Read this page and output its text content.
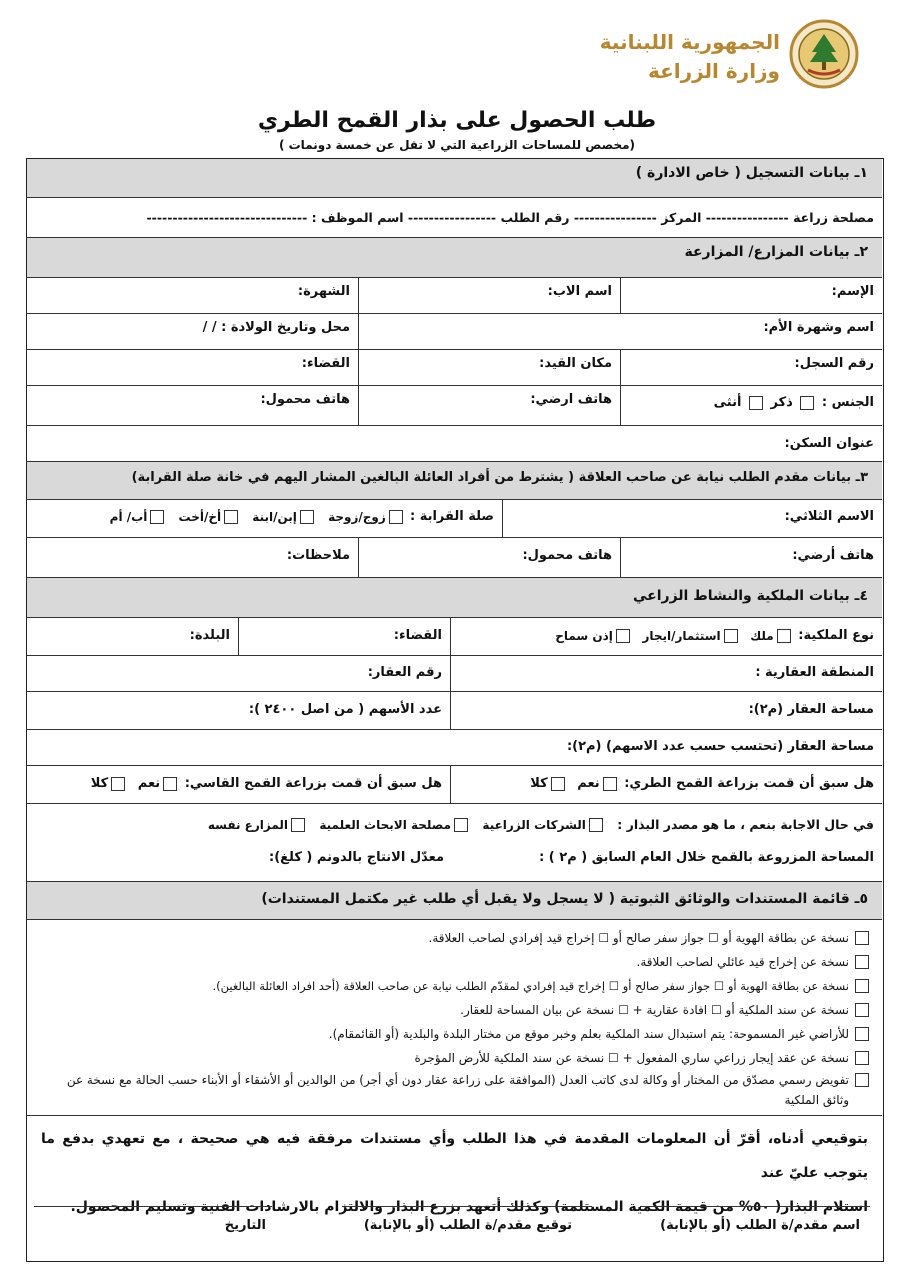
الجمهورية اللبنانية
وزارة الزراعة
طلب الحصول على بذار القمح الطري
( مخصص للمساحات الزراعية التي لا تقل عن خمسة دونمات)
١ـ بيانات التسجيل ( خاص الادارة )
مصلحة زراعة ---------------- المركز ---------------- رقم الطلب ----------------- اسم الموظف : -------------------------------
٢ـ بيانات المزارع/ المزارعة
الإسم:
اسم الاب:
الشهرة:
اسم وشهرة الأم:
محل وتاريخ الولادة : / /
رقم السجل:
مكان القيد:
القضاء:
الجنس :  ذكر  أنثى
هاتف ارضي:
هاتف محمول:
عنوان السكن:
٣ـ بيانات مقدم الطلب نيابة عن صاحب العلاقة ( يشترط من أفراد العائلة البالغين المشار اليهم في خانة صلة القرابة)
الاسم الثلاثي:
صلة القرابة : زوج/زوجة إبن/ابنة أخ/أخت أب/ أم
هاتف أرضي:
هاتف محمول:
ملاحظات:
٤ـ بيانات الملكية والنشاط الزراعي
نوع الملكية: ملك استثمار/ايجار إذن سماح
القضاء:
البلدة:
المنطقة العقارية :
رقم العقار:
مساحة العقار (م٢):
عدد الأسهم ( من اصل ٢٤٠٠ ):
مساحة العقار (تحتسب حسب عدد الاسهم) (م٢):
هل سبق أن قمت بزراعة القمح الطري: نعم كلا
هل سبق أن قمت بزراعة القمح القاسي: نعم كلا
في حال الاجابة بنعم ، ما هو مصدر البذار : الشركات الزراعية مصلحة الابحاث العلمية المزارع نفسه
المساحة المزروعة بالقمح خلال العام السابق ( م٢ ) :
معدّل الانتاج بالدونم ( كلغ):
٥ـ قائمة المستندات والوثائق الثبوتية ( لا يسجل ولا يقبل أي طلب غير مكتمل المستندات)
نسخة عن بطاقة الهوية أو ☐ جواز سفر صالح أو ☐ إخراج قيد إفرادي لصاحب العلاقة.
نسخة عن إخراج قيد عائلي لصاحب العلاقة.
نسخة عن بطاقة الهوية أو ☐ جواز سفر صالح أو ☐ إخراج قيد إفرادي لمقدّم الطلب نيابة عن صاحب العلاقة (أحد افراد العائلة البالغين).
نسخة عن سند الملكية أو ☐ افادة عقارية + ☐ نسخة عن بيان المساحة للعقار.
للأراضي غير المسموحة: يتم استبدال سند الملكية بعلم وخبر موقع من مختار البلدة والبلدية (أو القائمقام).
نسخة عن عقد إيجار زراعي ساري المفعول + ☐ نسخة عن سند الملكية للأرض المؤجرة
تفويض رسمي مصدّق من المختار أو وكالة لدى كاتب العدل (الموافقة على زراعة عقار دون أي أجر) من الوالدين أو الأشقاء أو الأبناء حسب الحالة مع نسخة عن وثائق الملكية
بتوقيعي أدناه، أقرّ أن المعلومات المقدمة في هذا الطلب وأي مستندات مرفقة فيه هي صحيحة ، مع تعهدي بدفع ما يتوجب عليّ عند
استلام البذار( ٥٠% من قيمة الكمية المستلمة) وكذلك أتعهد بزرع البذار والالتزام بالارشادات الفنية وتسليم المحصول.
اسم مقدم/ة الطلب (أو بالإنابة)
توقيع مقدم/ة الطلب (أو بالإنابة)
التاريخ
